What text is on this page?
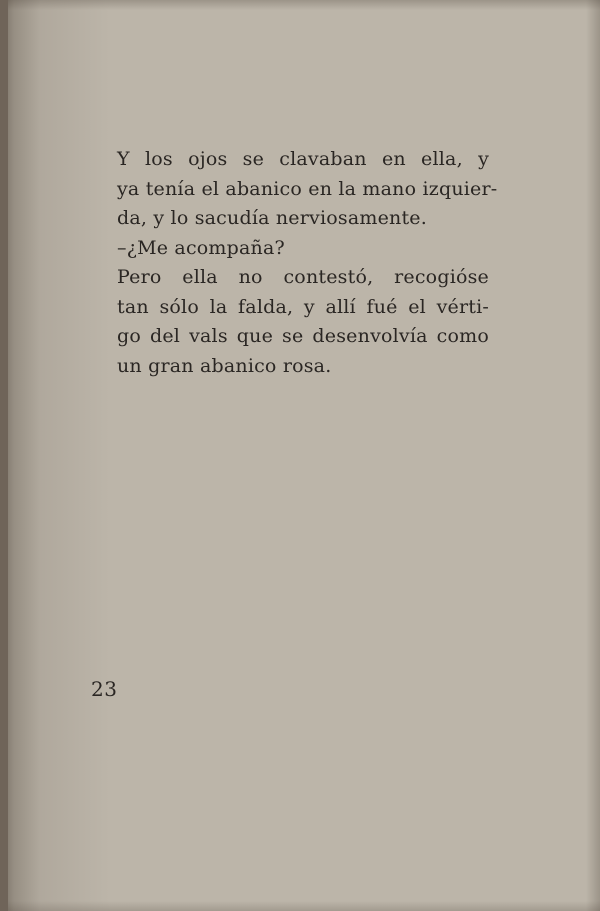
Y los ojos se clavaban en ella, y
ya tenía el abanico en la mano izquier-
da, y lo sacudía nerviosamente.
–¿Me acompaña?
Pero ella no contestó, recogióse
tan sólo la falda, y allí fué el vérti-
go del vals que se desenvolvía como
un gran abanico rosa.
23
